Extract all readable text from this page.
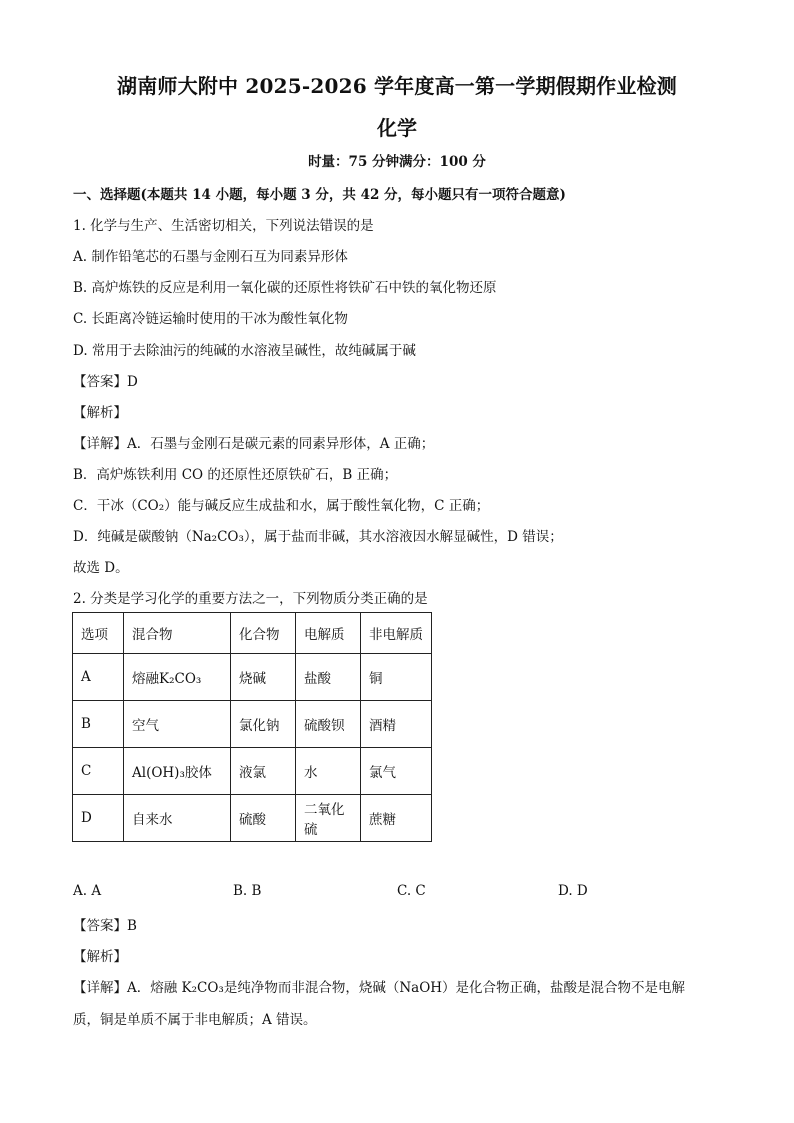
湖南师大附中 2025-2026 学年度高一第一学期假期作业检测
化学
时量：75 分钟满分：100 分
一、选择题(本题共 14 小题，每小题 3 分，共 42 分，每小题只有一项符合题意)
1. 化学与生产、生活密切相关，下列说法错误的是
A. 制作铅笔芯的石墨与金刚石互为同素异形体
B. 高炉炼铁的反应是利用一氧化碳的还原性将铁矿石中铁的氧化物还原
C. 长距离冷链运输时使用的干冰为酸性氧化物
D. 常用于去除油污的纯碱的水溶液呈碱性，故纯碱属于碱
【答案】D
【解析】
【详解】A．石墨与金刚石是碳元素的同素异形体，A 正确；
B．高炉炼铁利用 CO 的还原性还原铁矿石，B 正确；
C．干冰（CO₂）能与碱反应生成盐和水，属于酸性氧化物，C 正确；
D．纯碱是碳酸钠（Na₂CO₃），属于盐而非碱，其水溶液因水解显碱性，D 错误；
故选 D。
2. 分类是学习化学的重要方法之一，下列物质分类正确的是
选项	混合物	化合物	电解质	非电解质
A	熔融K₂CO₃	烧碱	盐酸	铜
B	空气	氯化钠	硫酸钡	酒精
C	Al(OH)₃胶体	液氯	水	氯气
D	自来水	硫酸	二氧化硫	蔗糖
A. A	B. B	C. C	D. D
【答案】B
【解析】
【详解】A．熔融 K₂CO₃是纯净物而非混合物，烧碱（NaOH）是化合物正确，盐酸是混合物不是电解
质，铜是单质不属于非电解质；A 错误。
